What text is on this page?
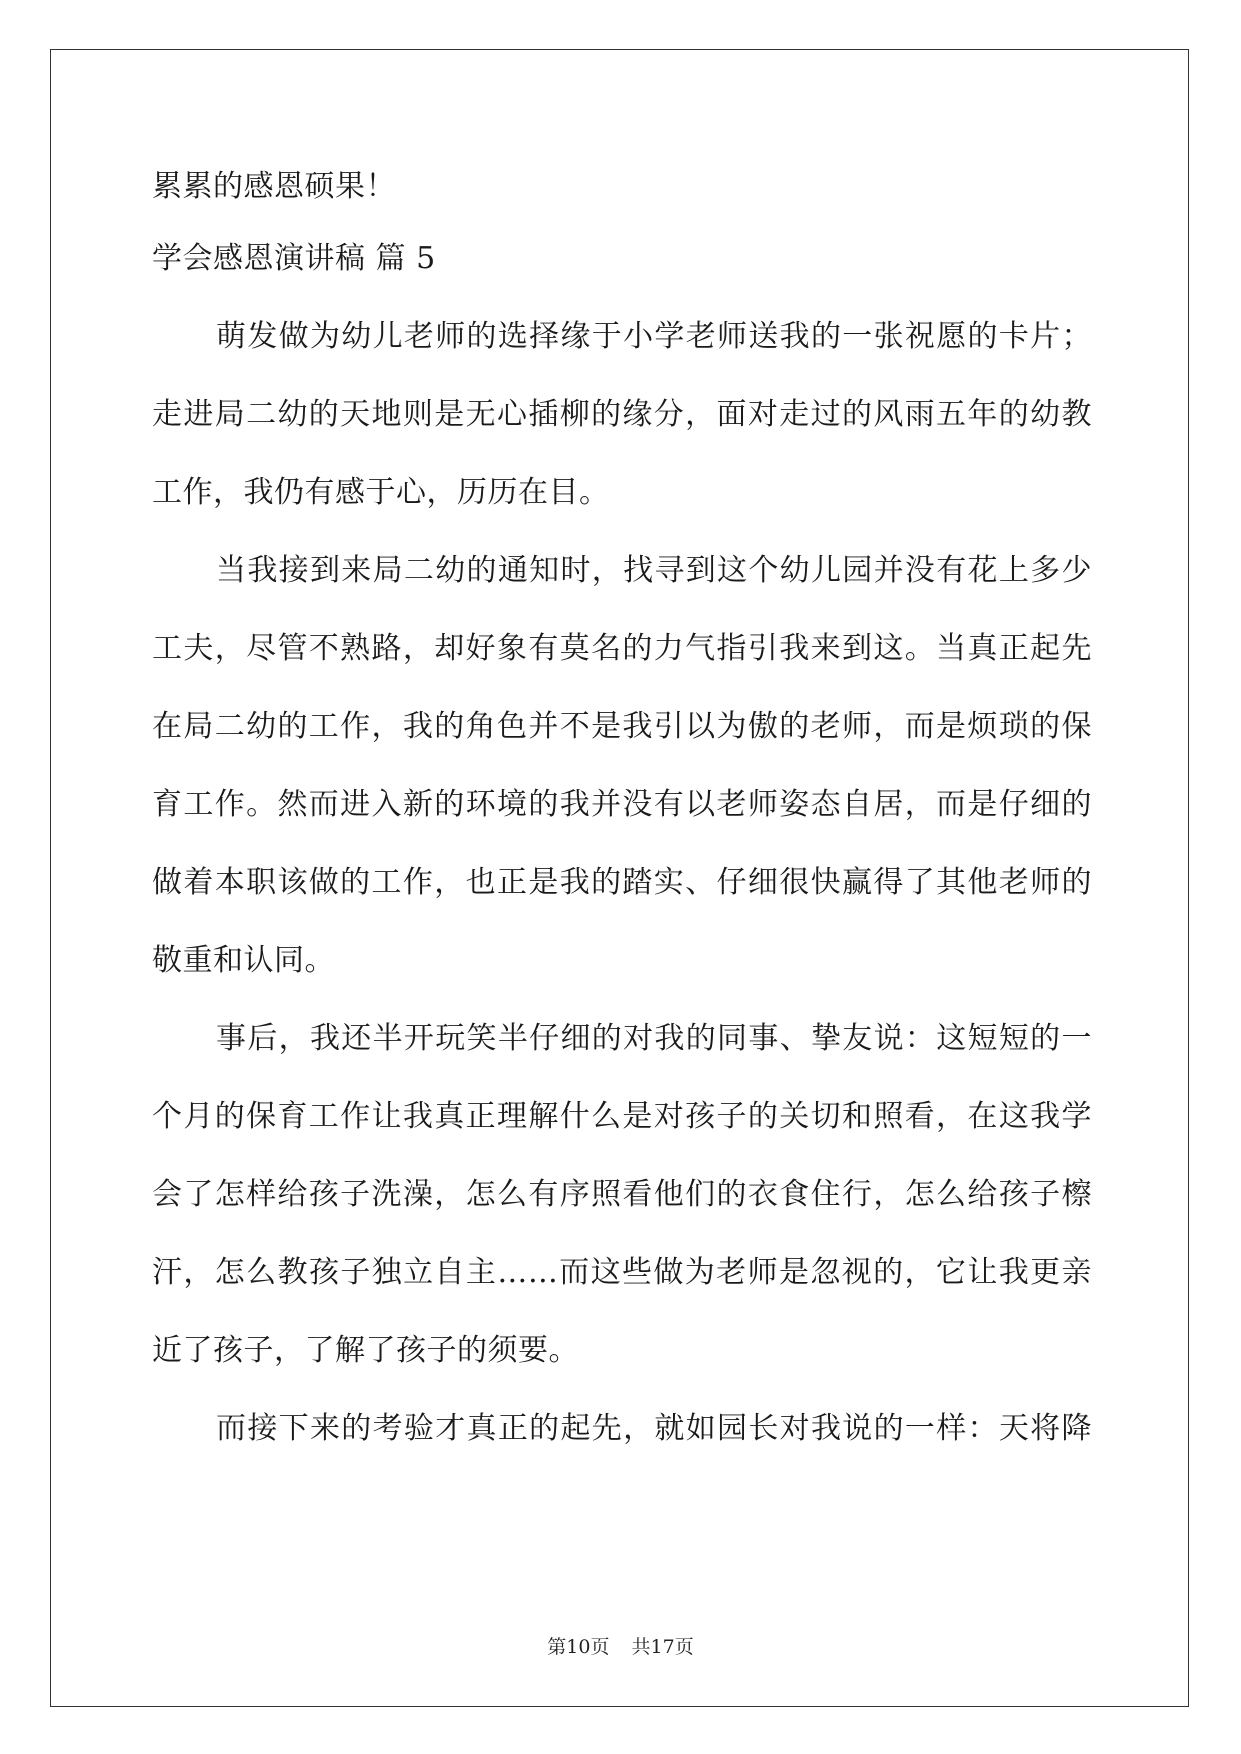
累累的感恩硕果！

学会感恩演讲稿 篇 5

萌发做为幼儿老师的选择缘于小学老师送我的一张祝愿的卡片；

走进局二幼的天地则是无心插柳的缘分，面对走过的风雨五年的幼教

工作，我仍有感于心，历历在目。

当我接到来局二幼的通知时，找寻到这个幼儿园并没有花上多少

工夫，尽管不熟路，却好象有莫名的力气指引我来到这。当真正起先

在局二幼的工作，我的角色并不是我引以为傲的老师，而是烦琐的保

育工作。然而进入新的环境的我并没有以老师姿态自居，而是仔细的

做着本职该做的工作，也正是我的踏实、仔细很快赢得了其他老师的

敬重和认同。

事后，我还半开玩笑半仔细的对我的同事、挚友说：这短短的一

个月的保育工作让我真正理解什么是对孩子的关切和照看，在这我学

会了怎样给孩子洗澡，怎么有序照看他们的衣食住行，怎么给孩子檫

汗，怎么教孩子独立自主……而这些做为老师是忽视的，它让我更亲

近了孩子，了解了孩子的须要。

而接下来的考验才真正的起先，就如园长对我说的一样：天将降

第10页 共17页
